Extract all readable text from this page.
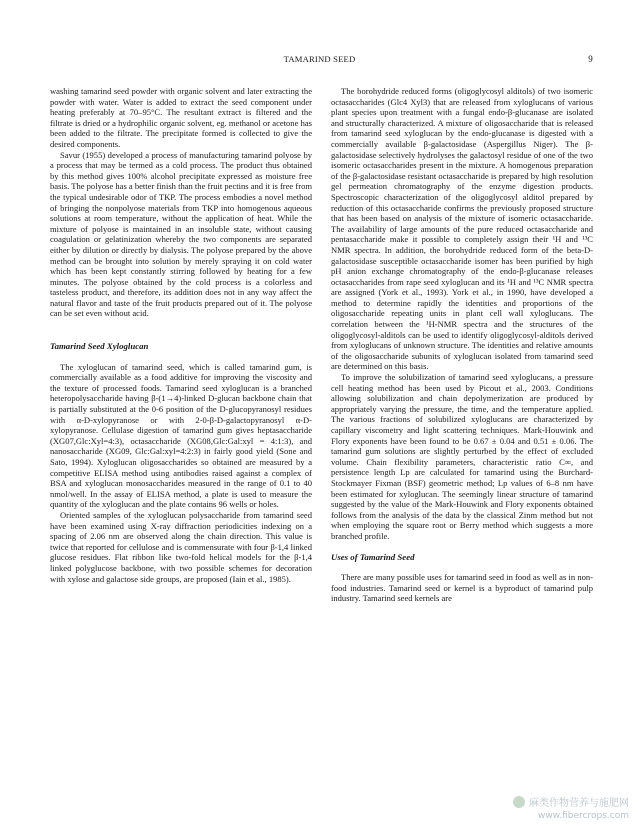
TAMARIND SEED	9

washing tamarind seed powder with organic solvent and later extracting the powder with water. Water is added to extract the seed component under heating preferably at 70–95°C. The resultant extract is filtered and the filtrate is dried or a hydrophilic organic solvent, eg. methanol or acetone has been added to the filtrate. The precipitate formed is collected to give the desired components.

Savur (1955) developed a process of manufacturing tamarind polyose by a process that may be termed as a cold process. The product thus obtained by this method gives 100% alcohol precipitate expressed as moisture free basis. The polyose has a better finish than the fruit pectins and it is free from the typical undesirable odor of TKP. The process embodies a novel method of bringing the nonpolyose materials from TKP into homogenous aqueous solutions at room temperature, without the application of heat. While the mixture of polyose is maintained in an insoluble state, without causing coagulation or gelatinization whereby the two components are separated either by dilution or directly by dialysis. The polyose prepared by the above method can be brought into solution by merely spraying it on cold water which has been kept constantly stirring followed by heating for a few minutes. The polyose obtained by the cold process is a colorless and tasteless product, and therefore, its addition does not in any way affect the natural flavor and taste of the fruit products prepared out of it. The polyose can be set even without acid.

Tamarind Seed Xyloglucan

The xyloglucan of tamarind seed, which is called tamarind gum, is commercially available as a food additive for improving the viscosity and the texture of processed foods. Tamarind seed xyloglucan is a branched heteropolysaccharide having β-(1→4)-linked D-glucan backbone chain that is partially substituted at the 0-6 position of the D-glucopyranosyl residues with α-D-xylopyranose or with 2-0-β-D-galactopyranosyl α-D-xylopyranose. Cellulase digestion of tamarind gum gives heptasaccharide (XG07,Glc:Xyl=4:3), octasaccharide (XG08,Glc:Gal:xyl = 4:1:3), and nanosaccharide (XG09, Glc:Gal:xyl=4:2:3) in fairly good yield (Sone and Sato, 1994). Xyloglucan oligosaccharides so obtained are measured by a competitive ELISA method using antibodies raised against a complex of BSA and xyloglucan monosaccharides measured in the range of 0.1 to 40 nmol/well. In the assay of ELISA method, a plate is used to measure the quantity of the xyloglucan and the plate contains 96 wells or holes.

Oriented samples of the xyloglucan polysaccharide from tamarind seed have been examined using X-ray diffraction periodicities indexing on a spacing of 2.06 nm are observed along the chain direction. This value is twice that reported for cellulose and is commensurate with four β-1,4 linked glucose residues. Flat ribbon like two-fold helical models for the β-1,4 linked polyglucose backbone, with two possible schemes for decoration with xylose and galactose side groups, are proposed (Iain et al., 1985).

The borohydride reduced forms (oligoglycosyl alditols) of two isomeric octasaccharides (Glc4 Xyl3) that are released from xyloglucans of various plant species upon treatment with a fungal endo-β-glucanase are isolated and structurally characterized. A mixture of oligosaccharide that is released from tamarind seed xyloglucan by the endo-glucanase is digested with a commercially available β-galactosidase (Aspergillus Niger). The β-galactosidase selectively hydrolyses the galactosyl residue of one of the two isomeric octasaccharides present in the mixture. A homogenous preparation of the β-galactosidase resistant octasaccharide is prepared by high resolution gel permeation chromatography of the enzyme digestion products. Spectroscopic characterization of the oligoglycosyl alditol prepared by reduction of this octasaccharide confirms the previously proposed structure that has been based on analysis of the mixture of isomeric octasaccharide. The availability of large amounts of the pure reduced octasaccharide and pentasaccharide make it possible to completely assign their ¹H and ¹³C NMR spectra. In addition, the borohydride reduced form of the beta-D-galactosidase susceptible octasaccharide isomer has been purified by high pH anion exchange chromatography of the endo-β-glucanase releases octasaccharides from rape seed xyloglucan and its ¹H and ¹³C NMR spectra are assigned (York et al., 1993). York et al., in 1990, have developed a method to determine rapidly the identities and proportions of the oligosaccharide repeating units in plant cell wall xyloglucans. The correlation between the ¹H-NMR spectra and the structures of the oligoglycosyl-alditols can be used to identify oligoglycosyl-alditols derived from xyloglucans of unknown structure. The identities and relative amounts of the oligosaccharide subunits of xyloglucan isolated from tamarind seed are determined on this basis.

To improve the solubilization of tamarind seed xyloglucans, a pressure cell heating method has been used by Picout et al., 2003. Conditions allowing solubilization and chain depolymerization are produced by appropriately varying the pressure, the time, and the temperature applied. The various fractions of solubilized xyloglucans are characterized by capillary viscometry and light scattering techniques. Mark-Houwink and Flory exponents have been found to be 0.67 ± 0.04 and 0.51 ± 0.06. The tamarind gum solutions are slightly perturbed by the effect of excluded volume. Chain flexibility parameters, characteristic ratio C∞, and persistence length Lp are calculated for tamarind using the Burchard-Stockmayer Fixman (BSF) geometric method; Lp values of 6–8 nm have been estimated for xyloglucan. The seemingly linear structure of tamarind suggested by the value of the Mark-Houwink and Flory exponents obtained follows from the analysis of the data by the classical Zinm method but not when employing the square root or Berry method which suggests a more branched profile.

Uses of Tamarind Seed

There are many possible uses for tamarind seed in food as well as in non-food industries. Tamarind seed or kernel is a byproduct of tamarind pulp industry. Tamarind seed kernels are

麻类作物营养与施肥网
www.fibercrops.com
